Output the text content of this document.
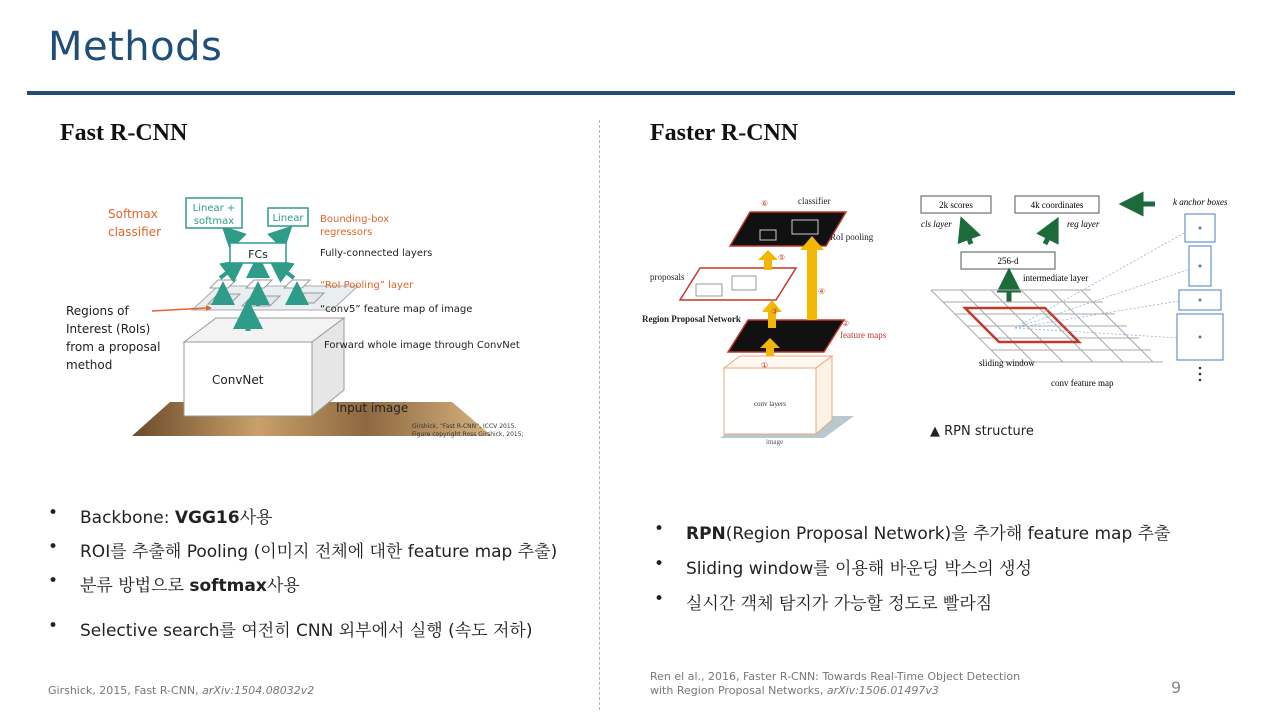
Methods
Fast R-CNN
FCs
Linear +
softmax	Linear
Softmax
classifier
Bounding-box
regressors
Fully-connected layers
“RoI Pooling” layer
“conv5” feature map of image
Forward whole image through ConvNet
ConvNet
Input image
Regions of
Interest (RoIs)
from a proposal
method
Girshick, “Fast R-CNN”, ICCV 2015.
Figure copyright Ross Girshick, 2015;
• Backbone: VGG16사용
• ROI를 추출해 Pooling (이미지 전체에 대한 feature map 추출)
• 분류 방법으로 softmax사용
• Selective search를 여전히 CNN 외부에서 실행 (속도 저하)
Girshick, 2015, Fast R-CNN, arXiv:1504.08032v2
Faster R-CNN
image
conv layers
①
②
③
④
⑤
⑥	classifier
RoI pooling
proposals
Region Proposal Network
feature maps
2k scores	4k coordinates	k anchor boxes
cls layer	reg layer
256-d
intermediate layer
sliding window
conv feature map
▲ RPN structure
• RPN(Region Proposal Network)을 추가해 feature map 추출
• Sliding window를 이용해 바운딩 박스의 생성
• 실시간 객체 탐지가 가능할 정도로 빨라짐
Ren el al., 2016, Faster R-CNN: Towards Real-Time Object Detection
with Region Proposal Networks, arXiv:1506.01497v3	9
